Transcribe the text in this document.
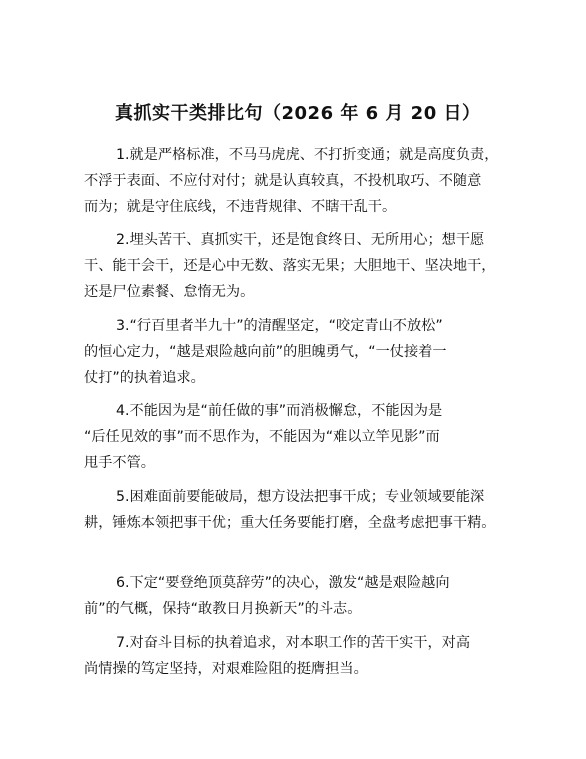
真抓实干类排比句（2026 年 6 月 20 日）
1.就是严格标准，不马马虎虎、不打折变通；就是高度负责，
不浮于表面、不应付对付；就是认真较真，不投机取巧、不随意
而为；就是守住底线，不违背规律、不瞎干乱干。
2.埋头苦干、真抓实干，还是饱食终日、无所用心；想干愿
干、能干会干，还是心中无数、落实无果；大胆地干、坚决地干，
还是尸位素餐、怠惰无为。
3.“行百里者半九十”的清醒坚定，“咬定青山不放松”
的恒心定力，“越是艰险越向前”的胆魄勇气，“一仗接着一
仗打”的执着追求。
4.不能因为是“前任做的事”而消极懈怠，不能因为是
“后任见效的事”而不思作为，不能因为“难以立竿见影”而
甩手不管。
5.困难面前要能破局，想方设法把事干成；专业领域要能深
耕，锤炼本领把事干优；重大任务要能打磨，全盘考虑把事干精。
6.下定“要登绝顶莫辞劳”的决心，激发“越是艰险越向
前”的气概，保持“敢教日月换新天”的斗志。
7.对奋斗目标的执着追求，对本职工作的苦干实干，对高
尚情操的笃定坚持，对艰难险阻的挺膺担当。
